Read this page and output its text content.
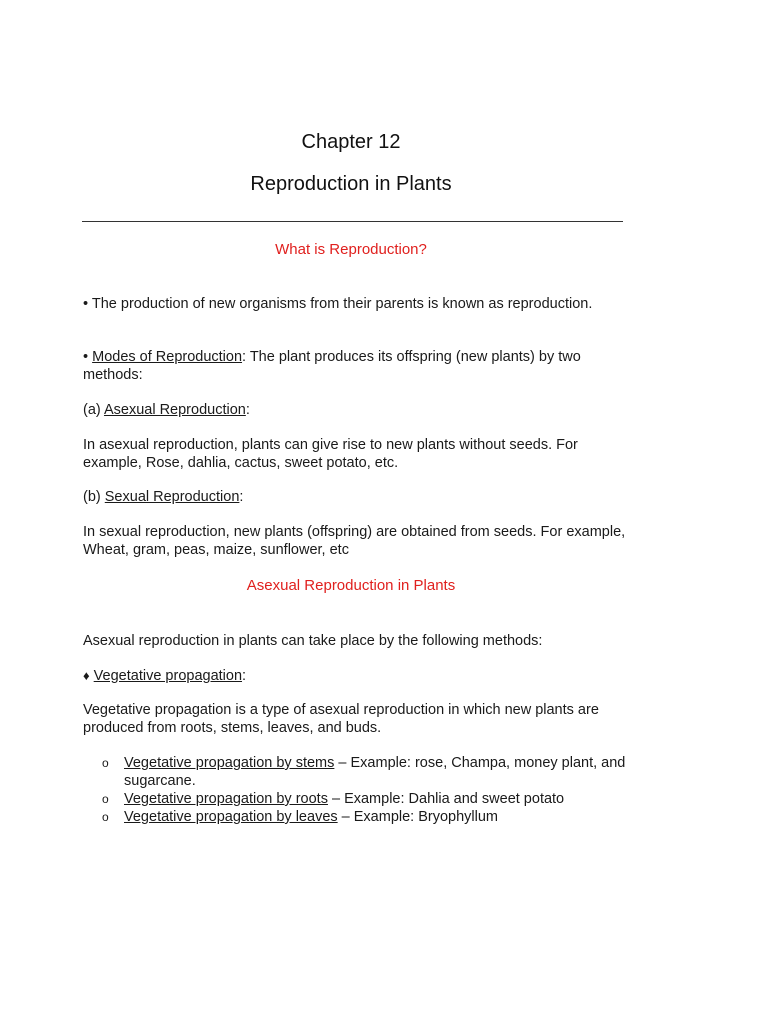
Chapter 12
Reproduction in Plants
What is Reproduction?
• The production of new organisms from their parents is known as reproduction.
• Modes of Reproduction: The plant produces its offspring (new plants) by two methods:
(a) Asexual Reproduction:
In asexual reproduction, plants can give rise to new plants without seeds. For example, Rose, dahlia, cactus, sweet potato, etc.
(b) Sexual Reproduction:
In sexual reproduction, new plants (offspring) are obtained from seeds. For example, Wheat, gram, peas, maize, sunflower, etc
Asexual Reproduction in Plants
Asexual reproduction in plants can take place by the following methods:
♦ Vegetative propagation:
Vegetative propagation is a type of asexual reproduction in which new plants are produced from roots, stems, leaves, and buds.
o Vegetative propagation by stems – Example: rose, Champa, money plant, and sugarcane.
o Vegetative propagation by roots – Example: Dahlia and sweet potato
o Vegetative propagation by leaves – Example: Bryophyllum
